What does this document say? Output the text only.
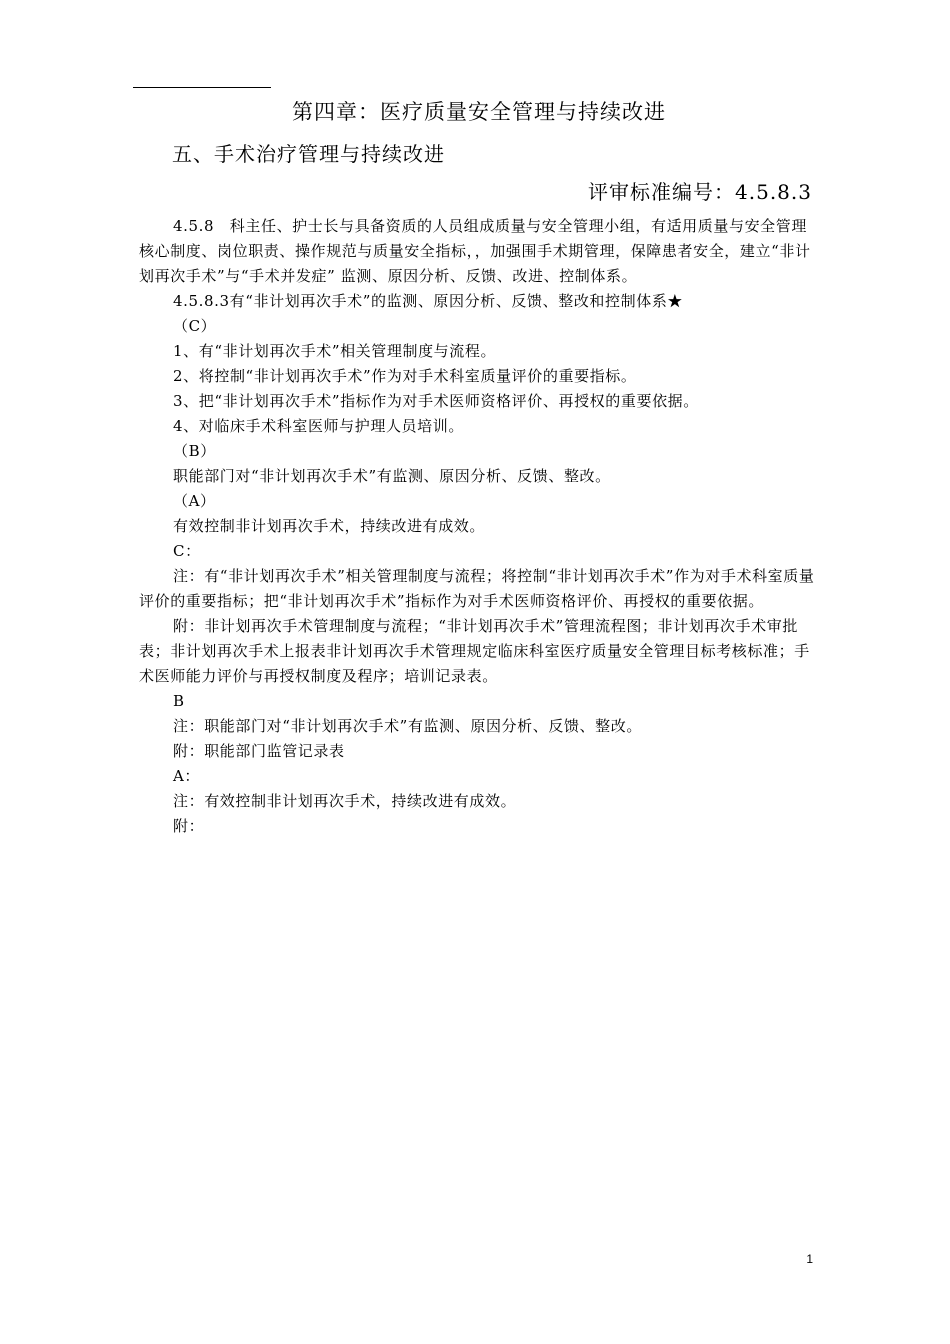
第四章：医疗质量安全管理与持续改进
五、手术治疗管理与持续改进
评审标准编号：4.5.8.3

4.5.8　科主任、护士长与具备资质的人员组成质量与安全管理小组，有适用质量与安全管理核心制度、岗位职责、操作规范与质量安全指标，，加强围手术期管理，保障患者安全，建立“非计划再次手术”与“手术并发症” 监测、原因分析、反馈、改进、控制体系。

4.5.8.3有“非计划再次手术”的监测、原因分析、反馈、整改和控制体系★

（C）

1、有“非计划再次手术”相关管理制度与流程。

2、将控制“非计划再次手术”作为对手术科室质量评价的重要指标。

3、把“非计划再次手术”指标作为对手术医师资格评价、再授权的重要依据。

4、对临床手术科室医师与护理人员培训。

（B）

职能部门对“非计划再次手术”有监测、原因分析、反馈、整改。

（A）

有效控制非计划再次手术，持续改进有成效。

C：

注：有“非计划再次手术”相关管理制度与流程；将控制“非计划再次手术”作为对手术科室质量评价的重要指标；把“非计划再次手术”指标作为对手术医师资格评价、再授权的重要依据。

附：非计划再次手术管理制度与流程；“非计划再次手术”管理流程图；非计划再次手术审批表；非计划再次手术上报表非计划再次手术管理规定临床科室医疗质量安全管理目标考核标准；手术医师能力评价与再授权制度及程序；培训记录表。

B

注：职能部门对“非计划再次手术”有监测、原因分析、反馈、整改。

附：职能部门监管记录表

A：

注：有效控制非计划再次手术，持续改进有成效。

附：

1
